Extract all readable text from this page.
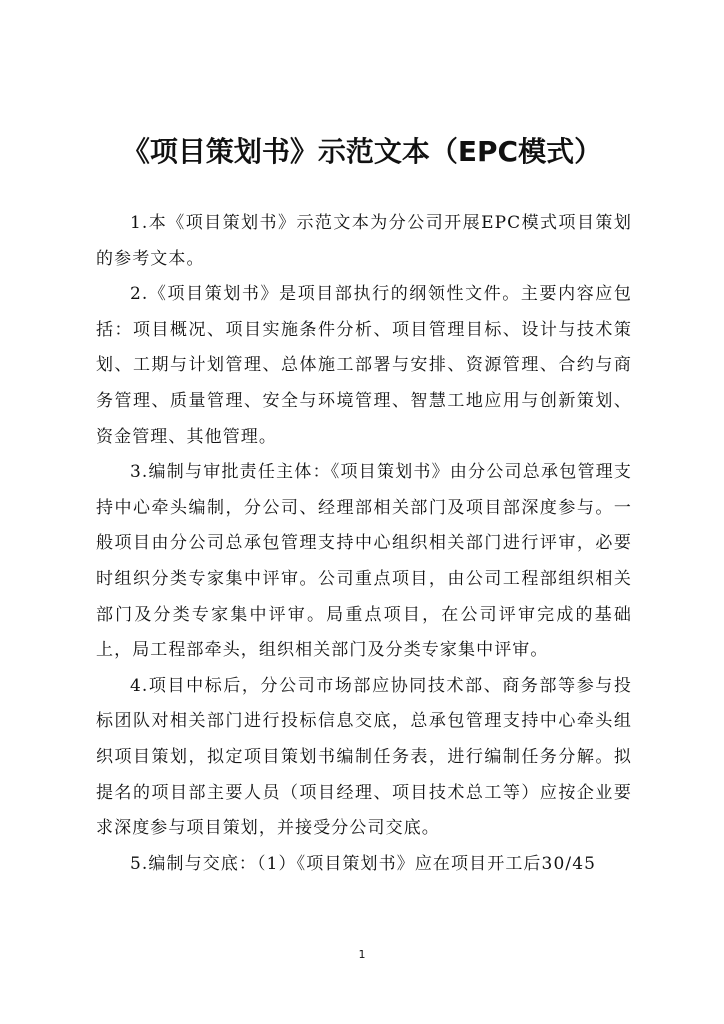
《项目策划书》示范文本（EPC模式）

1.本《项目策划书》示范文本为分公司开展EPC模式项目策划的参考文本。

2.《项目策划书》是项目部执行的纲领性文件。主要内容应包括：项目概况、项目实施条件分析、项目管理目标、设计与技术策划、工期与计划管理、总体施工部署与安排、资源管理、合约与商务管理、质量管理、安全与环境管理、智慧工地应用与创新策划、资金管理、其他管理。

3.编制与审批责任主体：《项目策划书》由分公司总承包管理支持中心牵头编制，分公司、经理部相关部门及项目部深度参与。一般项目由分公司总承包管理支持中心组织相关部门进行评审，必要时组织分类专家集中评审。公司重点项目，由公司工程部组织相关部门及分类专家集中评审。局重点项目，在公司评审完成的基础上，局工程部牵头，组织相关部门及分类专家集中评审。

4.项目中标后，分公司市场部应协同技术部、商务部等参与投标团队对相关部门进行投标信息交底，总承包管理支持中心牵头组织项目策划，拟定项目策划书编制任务表，进行编制任务分解。拟提名的项目部主要人员（项目经理、项目技术总工等）应按企业要求深度参与项目策划，并接受分公司交底。

5.编制与交底：（1）《项目策划书》应在项目开工后30/45

1
